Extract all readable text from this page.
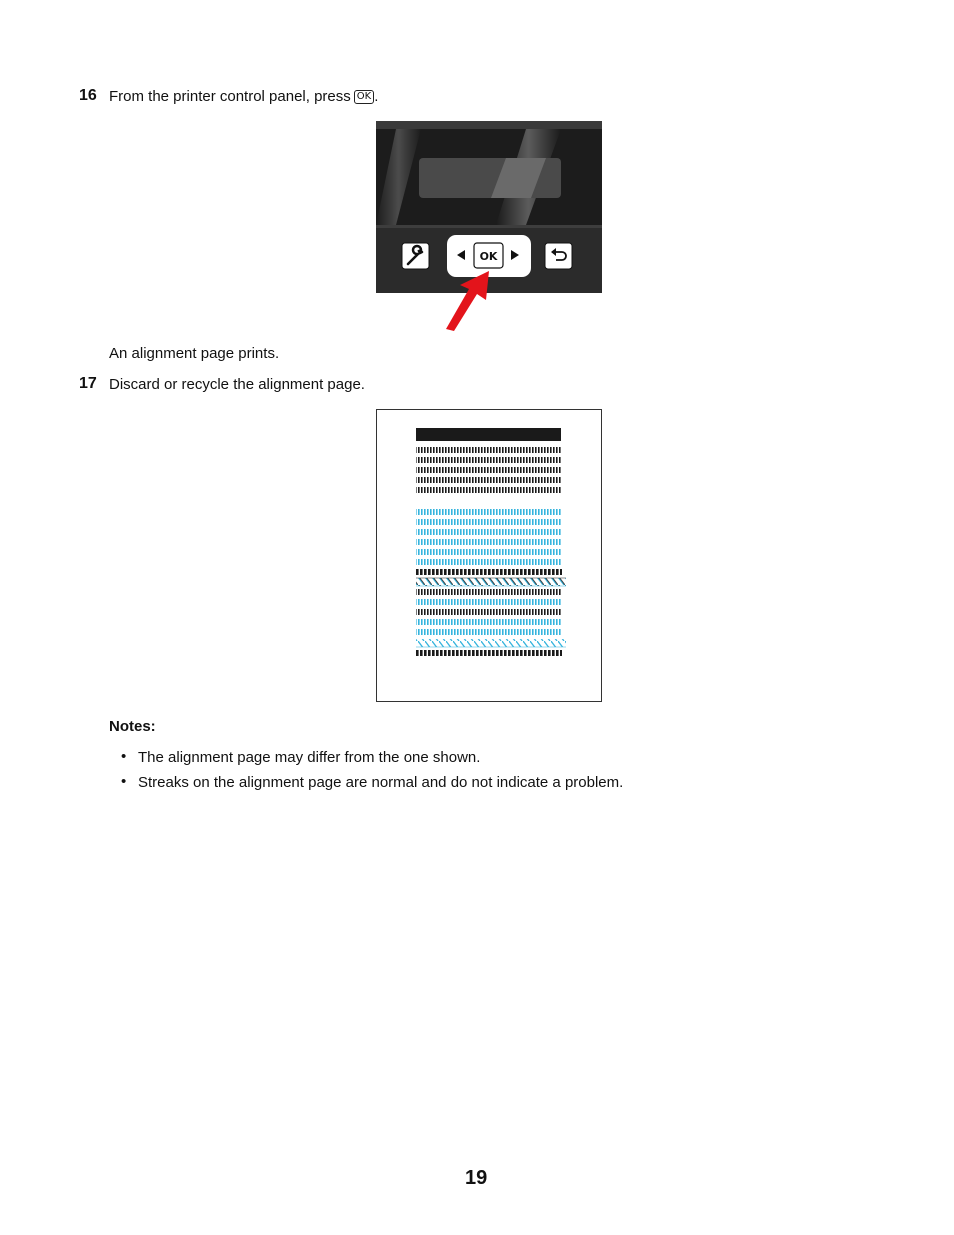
16 From the printer control panel, press OK .
OK
An alignment page prints.
17 Discard or recycle the alignment page.
Notes:
• The alignment page may differ from the one shown.
• Streaks on the alignment page are normal and do not indicate a problem.
19
